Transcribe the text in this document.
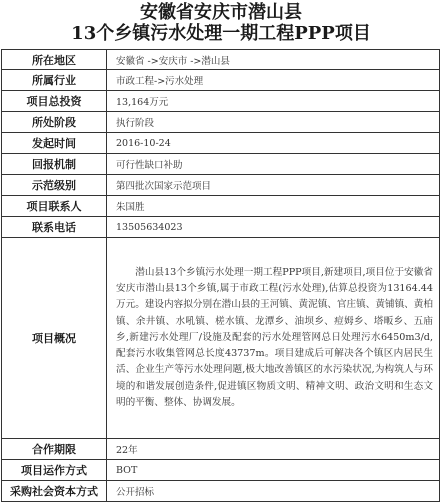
安徽省安庆市潜山县
13个乡镇污水处理一期工程PPP项目
所在地区	安徽省 ->安庆市 ->潜山县
所属行业	市政工程->污水处理
项目总投资	13,164万元
所处阶段	执行阶段
发起时间	2016-10-24
回报机制	可行性缺口补助
示范级别	第四批次国家示范项目
项目联系人	朱国胜
联系电话	13505634023
项目概况	潜山县13个乡镇污水处理一期工程PPP项目,新建项目,项目位于安徽省安庆市潜山县13个乡镇,属于市政工程(污水处理),估算总投资为13164.44万元。建设内容拟分别在潜山县的王河镇、黄泥镇、官庄镇、黄铺镇、黄柏镇、余井镇、水吼镇、槎水镇、龙潭乡、油坝乡、痘姆乡、塔畈乡、五庙乡,新建污水处理厂/设施及配套的污水处理管网总日处理污水6450m3/d,配套污水收集管网总长度43737m。项目建成后可解决各个镇区内居民生活、企业生产等污水处理问题,极大地改善镇区的水污染状况,为构筑人与环境的和谐发展创造条件,促进镇区物质文明、精神文明、政治文明和生态文明的平衡、整体、协调发展。
合作期限	22年
项目运作方式	BOT
采购社会资本方式	公开招标
